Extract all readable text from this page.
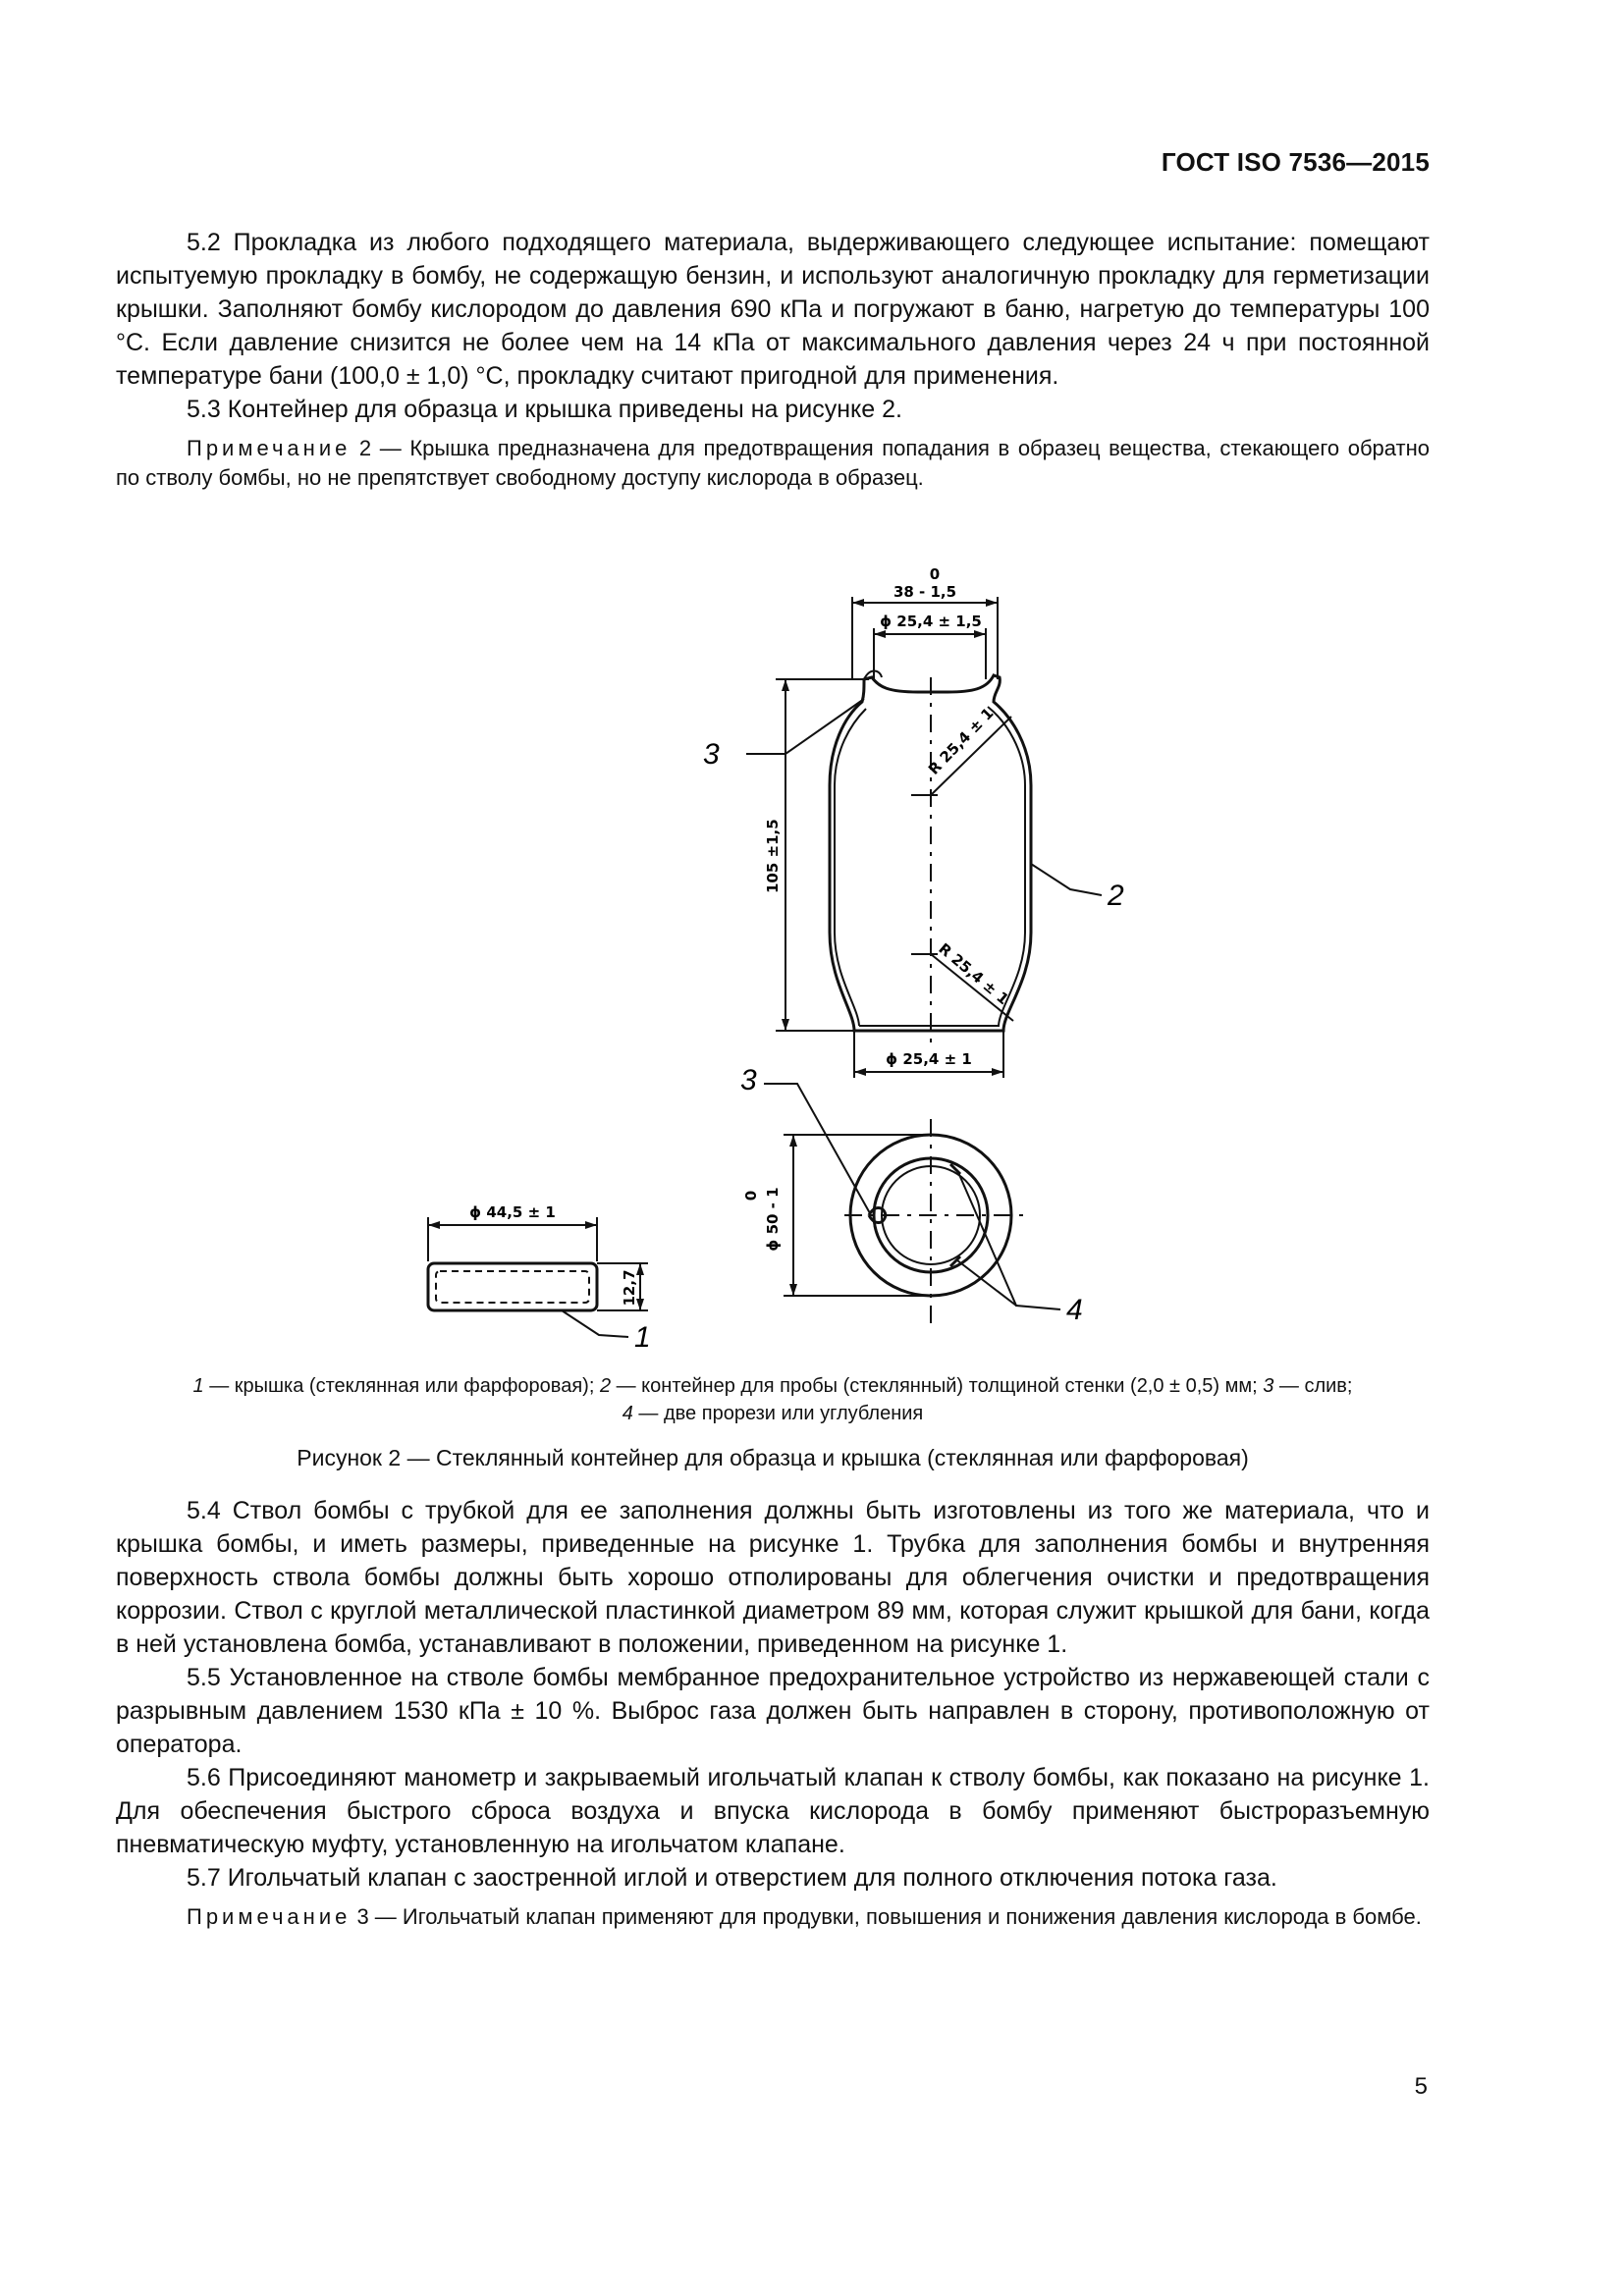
ГОСТ ISO 7536—2015

5.2 Прокладка из любого подходящего материала, выдерживающего следующее испытание: помещают испытуемую прокладку в бомбу, не содержащую бензин, и используют аналогичную прокладку для герметизации крышки. Заполняют бомбу кислородом до давления 690 кПа и погружают в баню, нагретую до температуры 100 °С. Если давление снизится не более чем на 14 кПа от максимального давления через 24 ч при постоянной температуре бани (100,0 ± 1,0) °С, прокладку считают пригодной для применения.

5.3 Контейнер для образца и крышка приведены на рисунке 2.

Примечание 2 — Крышка предназначена для предотвращения попадания в образец вещества, стекающего обратно по стволу бомбы, но не препятствует свободному доступу кислорода в образец.

0
38 - 1,5
ϕ 25,4 ± 1,5
R 25,4 ± 1
R 25,4 ± 1
105 ±1,5
ϕ 25,4 ± 1
0 ϕ 50 - 1
ϕ 44,5 ± 1
12,7
3
2
3
4
1
1 — крышка (стеклянная или фарфоровая); 2 — контейнер для пробы (стеклянный) толщиной стенки (2,0 ± 0,5) мм; 3 — слив;
4 — две прорези или углубления
Рисунок 2 — Стеклянный контейнер для образца и крышка (стеклянная или фарфоровая)

5.4 Ствол бомбы с трубкой для ее заполнения должны быть изготовлены из того же материала, что и крышка бомбы, и иметь размеры, приведенные на рисунке 1. Трубка для заполнения бомбы и внутренняя поверхность ствола бомбы должны быть хорошо отполированы для облегчения очистки и предотвращения коррозии. Ствол с круглой металлической пластинкой диаметром 89 мм, которая служит крышкой для бани, когда в ней установлена бомба, устанавливают в положении, приведенном на рисунке 1.

5.5 Установленное на стволе бомбы мембранное предохранительное устройство из нержавеющей стали с разрывным давлением 1530 кПа ± 10 %. Выброс газа должен быть направлен в сторону, противоположную от оператора.

5.6 Присоединяют манометр и закрываемый игольчатый клапан к стволу бомбы, как показано на рисунке 1. Для обеспечения быстрого сброса воздуха и впуска кислорода в бомбу применяют быстроразъемную пневматическую муфту, установленную на игольчатом клапане.

5.7 Игольчатый клапан с заостренной иглой и отверстием для полного отключения потока газа.

Примечание 3 — Игольчатый клапан применяют для продувки, повышения и понижения давления кислорода в бомбе.

5
